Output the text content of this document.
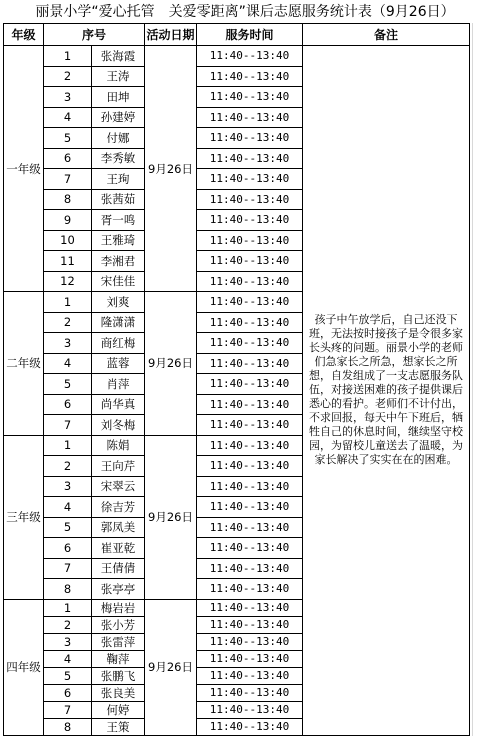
丽景小学“爱心托管　关爱零距离”课后志愿服务统计表（9月26日）
年级	序号		活动日期	服务时间	备注
一年级	1	张海霞	9月26日	11:40--13:40	孩子中午放学后，自己还没下班，无法按时接孩子是令很多家长头疼的问题。丽景小学的老师们急家长之所急，想家长之所想，自发组成了一支志愿服务队伍，对接送困难的孩子提供课后悉心的看护。老师们不计付出，不求回报，每天中午下班后，牺牲自己的休息时间，继续坚守校园，为留校儿童送去了温暖，为家长解决了实实在在的困难。
	2	王涛		11:40--13:40	
	3	田坤		11:40--13:40	
	4	孙建婷		11:40--13:40	
	5	付娜		11:40--13:40	
	6	李秀敏		11:40--13:40	
	7	王珣		11:40--13:40	
	8	张茜茹		11:40--13:40	
	9	胥一鸣		11:40--13:40	
	10	王雅琦		11:40--13:40	
	11	李湘君		11:40--13:40	
	12	宋佳佳		11:40--13:40	
二年级	1	刘爽	9月26日	11:40--13:40	
	2	隆潇潇		11:40--13:40	
	3	商红梅		11:40--13:40	
	4	蓝蓉		11:40--13:40	
	5	肖萍		11:40--13:40	
	6	尚华真		11:40--13:40	
	7	刘冬梅		11:40--13:40	
三年级	1	陈娟	9月26日	11:40--13:40	
	2	王向芹		11:40--13:40	
	3	宋翠云		11:40--13:40	
	4	徐吉芳		11:40--13:40	
	5	郭凤美		11:40--13:40	
	6	崔亚乾		11:40--13:40	
	7	王倩倩		11:40--13:40	
	8	张亭亭		11:40--13:40	
四年级	1	梅岩岩	9月26日	11:40--13:40	
	2	张小芳		11:40--13:40	
	3	张雷萍		11:40--13:40	
	4	鞠萍		11:40--13:40	
	5	张鹏飞		11:40--13:40	
	6	张良美		11:40--13:40	
	7	何婷		11:40--13:40	
	8	王策		11:40--13:40	
